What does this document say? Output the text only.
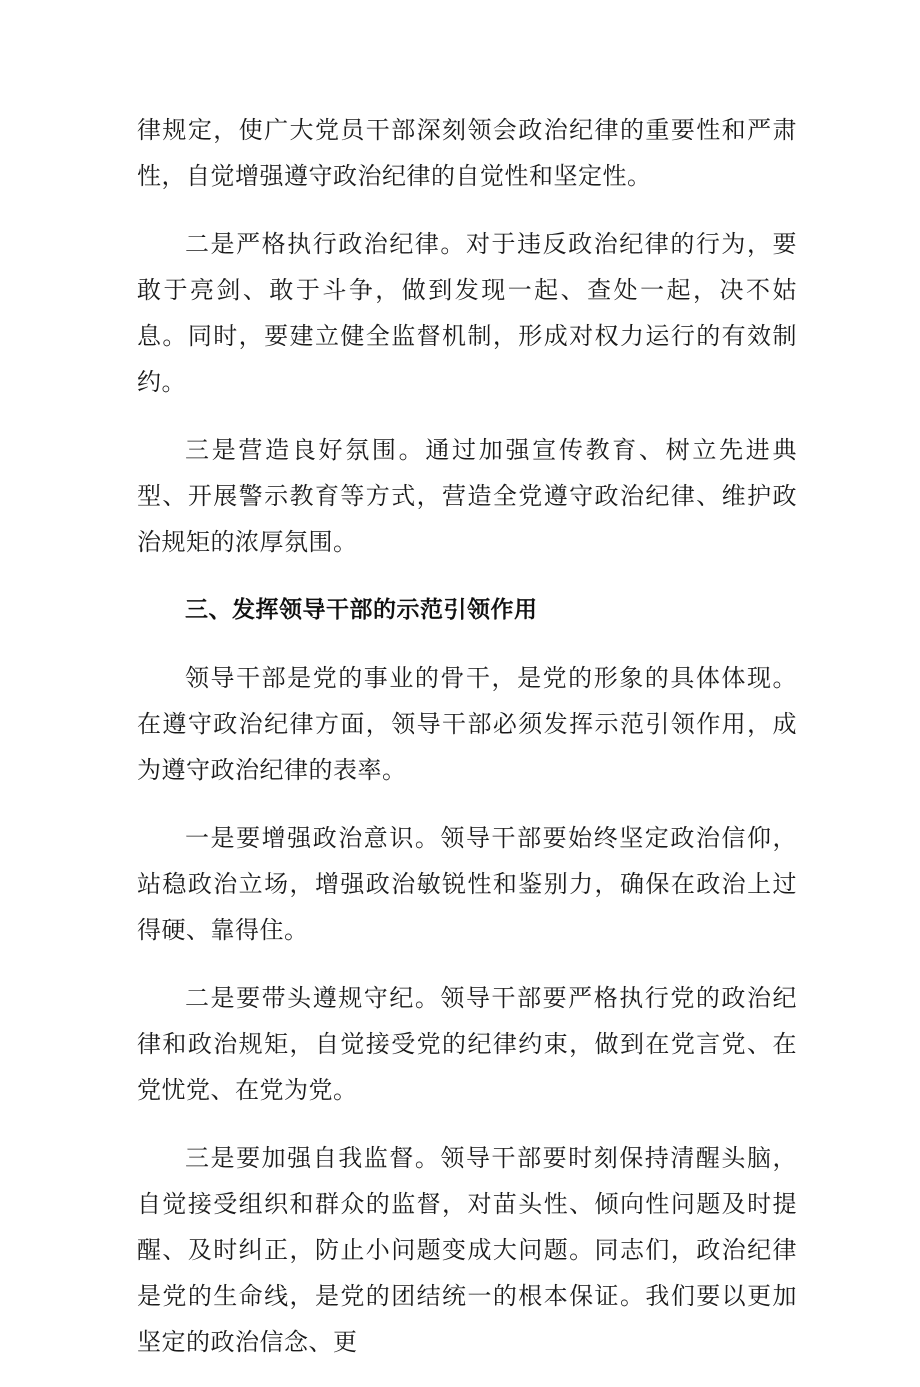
律规定，使广大党员干部深刻领会政治纪律的重要性和严肃性，自觉增强遵守政治纪律的自觉性和坚定性。

二是严格执行政治纪律。对于违反政治纪律的行为，要敢于亮剑、敢于斗争，做到发现一起、查处一起，决不姑息。同时，要建立健全监督机制，形成对权力运行的有效制约。

三是营造良好氛围。通过加强宣传教育、树立先进典型、开展警示教育等方式，营造全党遵守政治纪律、维护政治规矩的浓厚氛围。

三、发挥领导干部的示范引领作用

领导干部是党的事业的骨干，是党的形象的具体体现。在遵守政治纪律方面，领导干部必须发挥示范引领作用，成为遵守政治纪律的表率。

一是要增强政治意识。领导干部要始终坚定政治信仰，站稳政治立场，增强政治敏锐性和鉴别力，确保在政治上过得硬、靠得住。

二是要带头遵规守纪。领导干部要严格执行党的政治纪律和政治规矩，自觉接受党的纪律约束，做到在党言党、在党忧党、在党为党。

三是要加强自我监督。领导干部要时刻保持清醒头脑，自觉接受组织和群众的监督，对苗头性、倾向性问题及时提醒、及时纠正，防止小问题变成大问题。同志们，政治纪律是党的生命线，是党的团结统一的根本保证。我们要以更加坚定的政治信念、更
